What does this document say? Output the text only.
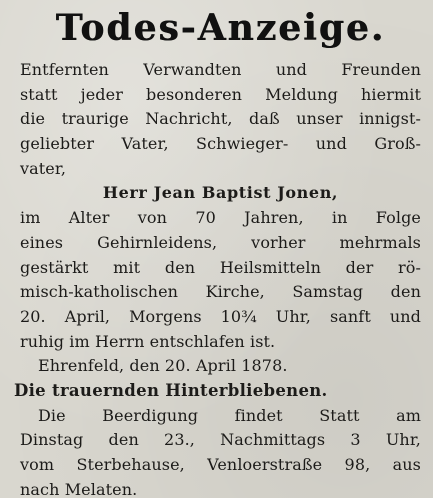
Todes-Anzeige.
Entfernten Verwandten und Freunden
statt jeder besonderen Meldung hiermit
die traurige Nachricht, daß unser innigst-
geliebter Vater, Schwieger- und Groß-
vater,
Herr Jean Baptist Jonen,
im Alter von 70 Jahren, in Folge
eines Gehirnleidens, vorher mehrmals
gestärkt mit den Heilsmitteln der rö-
misch-katholischen Kirche, Samstag den
20. April, Morgens 10¾ Uhr, sanft und
ruhig im Herrn entschlafen ist.
Ehrenfeld, den 20. April 1878.
Die trauernden Hinterbliebenen.
Die Beerdigung findet Statt am
Dinstag den 23., Nachmittags 3 Uhr,
vom Sterbehause, Venloerstraße 98, aus
nach Melaten.
